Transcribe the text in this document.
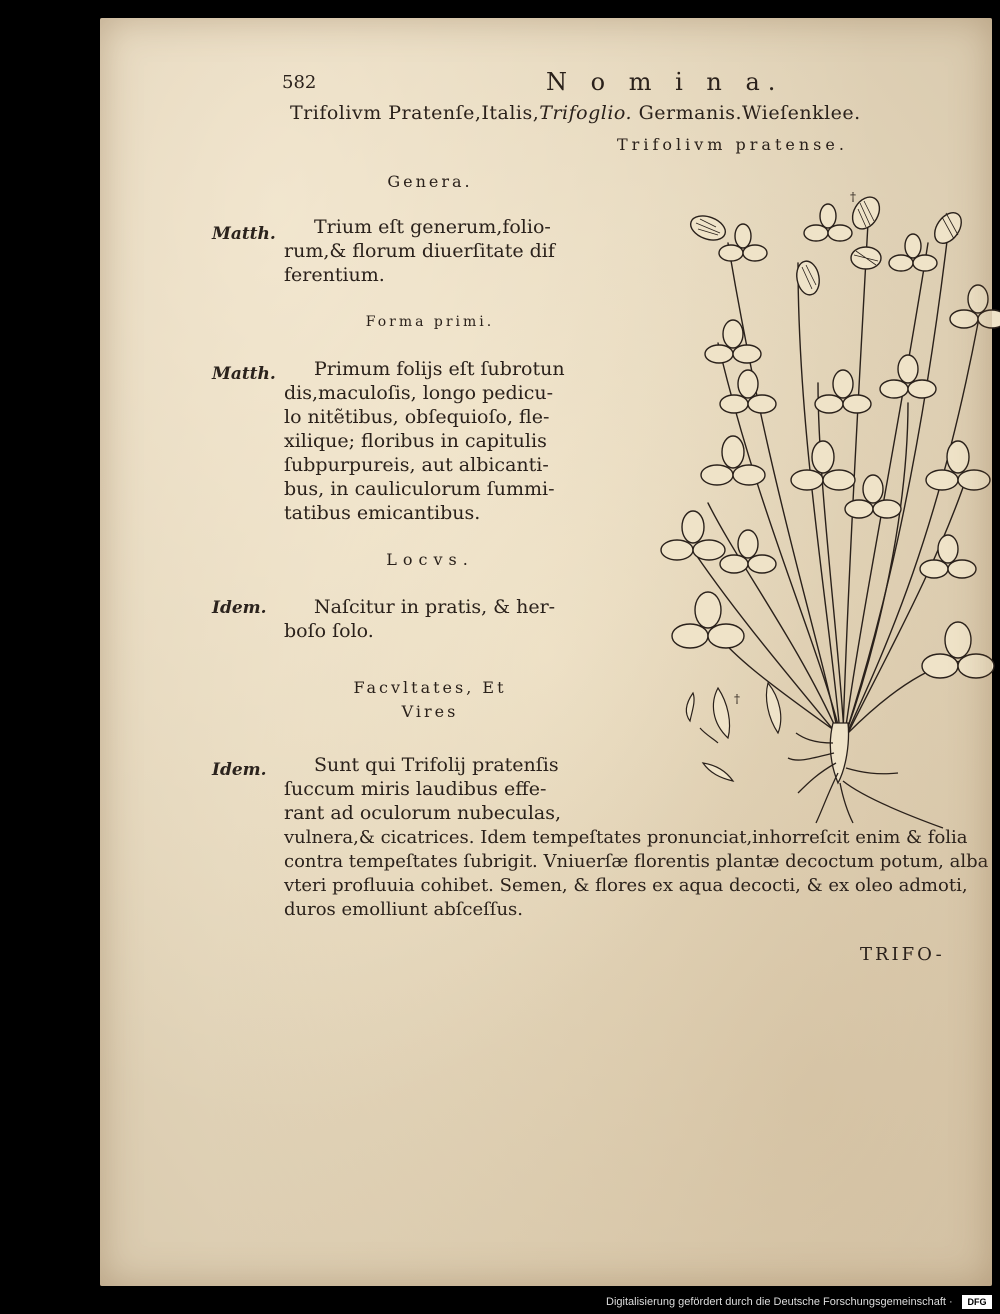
582	N o m i n a.
Trifolivm Pratenſe,Italis,Trifoglio. Germanis.Wieſenklee.
Trifolivm pratense.
Genera.
Matth. Trium eſt generum,folio-
rum,& florum diuerſitate dif
ferentium.
Forma primi.
Matth. Primum folijs eſt ſubrotun
dis,maculoſis, longo pedicu-
lo nitẽtibus, obſequioſo, fle-
xilique; floribus in capitulis
ſubpurpureis, aut albicanti-
bus, in cauliculorum ſummi-
tatibus emicantibus.
Locvs.
Idem. Naſcitur in pratis, & her-
boſo ſolo.
Facvltates, Et
Vires
Idem. Sunt qui Trifolij pratenſis
ſuccum miris laudibus effe-
rant ad oculorum nubeculas,
vulnera,& cicatrices. Idem tempeſtates pronunciat,inhorreſcit enim & folia
contra tempeſtates ſubrigit. Vniuerſæ florentis plantæ decoctum potum, alba
vteri profluuia cohibet. Semen, & flores ex aqua decocti, & ex oleo admoti,
duros emolliunt abſceſſus.
TRIFO-
†
†
Digitalisierung gefördert durch die Deutsche Forschungsgemeinschaft ·	DFG
